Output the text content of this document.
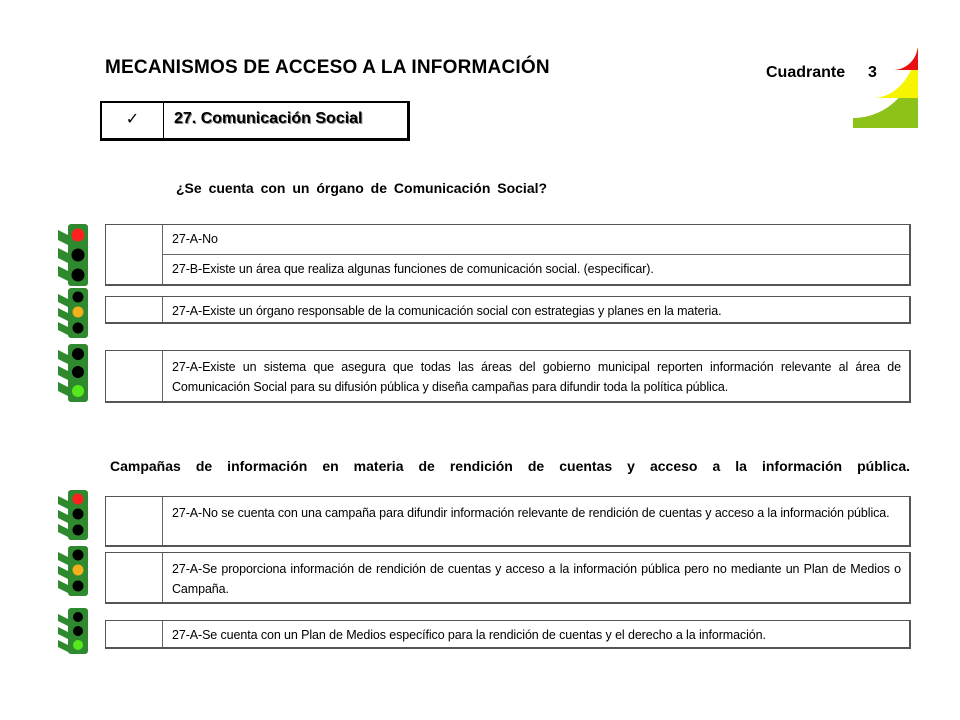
MECANISMOS DE ACCESO A LA INFORMACIÓN	Cuadrante 3
✓	27. Comunicación Social
¿Se cuenta con un órgano de Comunicación Social?
27-A-No
27-B-Existe un área que realiza algunas funciones de comunicación social. (especificar).
27-A-Existe un órgano responsable de la comunicación social con estrategias y planes en la materia.
27-A-Existe un sistema que asegura que todas las áreas del gobierno municipal reporten información relevante al área de Comunicación Social para su difusión pública y diseña campañas para difundir toda la política pública.
Campañas de información en materia de rendición de cuentas y acceso a la información pública.
27-A-No se cuenta con una campaña para difundir información relevante de rendición de cuentas y acceso a la información pública.
27-A-Se proporciona información de rendición de cuentas y acceso a la información pública pero no mediante un Plan de Medios o Campaña.
27-A-Se cuenta con un Plan de Medios específico para la rendición de cuentas y el derecho a la información.
